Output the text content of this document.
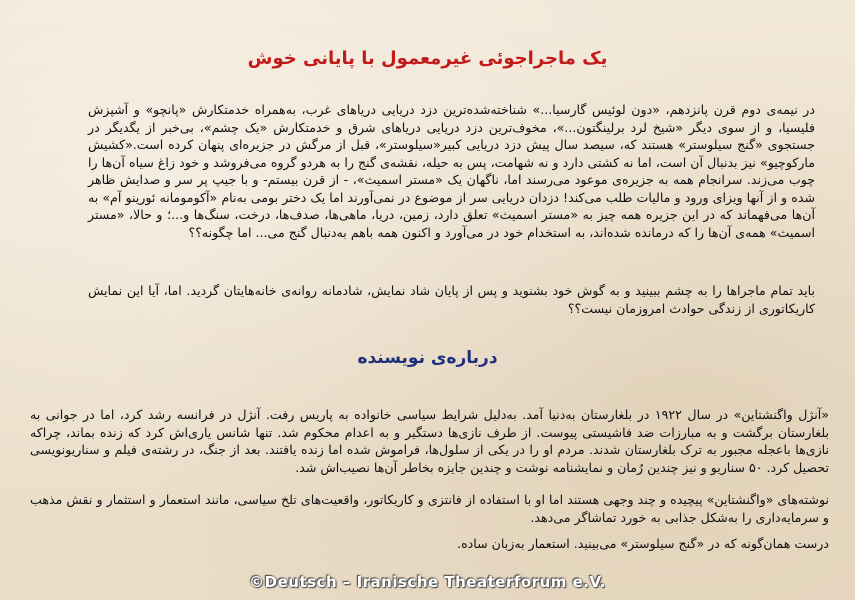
یک ماجراجوئی غیرمعمول با پایانی خوش
در نیمه‌ی دوم قرن پانزدهم، «دون لوئیس گارسیا...» شناخته‌شده‌ترین دزد دریایی دریاهای غرب، به‌همراه خدمتکارش «پانچو» و آشپزش فلیسیا، و از سوی دیگر «شیخ لرد برلینگتون...»، مخوف‌ترین دزد دریایی دریاهای شرق و خدمتکارش «یک چشم»، بی‌خبر از یگدیگر در جستجوی «گنج سیلوستر» هستند که، سیصد سال پیش دزد دریایی کبیر«سیلوستر»، قبل از مرگش در جزیره‌ای پنهان کرده است.«کشیش مارکوچیو» نیز بدنبال آن است، اما نه کشتی دارد و نه شهامت، پس به حیله، نقشه‌ی گنج را به هردو گروه می‌فروشد و خود زاغ سیاه آن‌ها را چوب می‌زند. سرانجام همه به جزیره‌ی موعود می‌رسند اما، ناگهان یک «مستر اسمیث»، - از قرن بیستم- و با جیپ پر سر و صدایش ظاهر شده و از آنها ویزای ورود و مالیات طلب می‌کند! دزدان دریایی سر از موضوع در نمی‌آورند اما یک دختر بومی به‌نام «آکومومانه ئورینو آم» به آن‌ها می‌فهماند که در این جزیره همه چیز به «مستر اسمیث» تعلق دارد، زمین، دریا، ماهی‌ها، صدف‌ها، درخت، سنگ‌ها و...؛ و حالا، «مستر اسمیث» همه‌ی آن‌ها را که درمانده شده‌اند، به استخدام خود در می‌آورد و اکنون همه باهم به‌دنبال گنج می... اما چگونه؟؟
باید تمام ماجراها را به چشم ببینید و به گوش خود بشنوید و پس از پایان شاد نمایش، شادمانه روانه‌ی خانه‌هایتان گردید. اما، آیا این نمایش کاریکاتوری از زندگی حوادث امروزمان نیست؟؟
درباره‌ی نویسنده
«آنژل واگنشتاین» در سال ۱۹۲۲ در بلغارستان به‌دنیا آمد. به‌دلیل شرایط سیاسی خانواده به پاریس رفت. آنژل در فرانسه رشد کرد، اما در جوانی به بلغارستان برگشت و به مبارزات ضد فاشیستی پیوست. از طرف نازی‌ها دستگیر و به اعدام محکوم شد. تنها شانس یاری‌اش کرد که زنده بماند، چرا‌که نازی‌ها باعجله مجبور به ترک بلغارستان شدند. مردم او را در یکی از سلول‌ها، فراموش شده اما زنده یافتند. بعد از جنگ، در رشته‌ی فیلم و سناریونویسی تحصیل کرد. ۵۰ سناریو و نیز چندین رُمان و نمایشنامه نوشت و چندین جایزه بخاطر آن‌ها نصیب‌اش شد.
نوشته‌های «واگنشتاین» پیچیده و چند وجهی هستند اما او با استفاده از فانتزی و کاریکاتور، واقعیت‌های تلخ سیاسی، مانند استعمار و استثمار و نقش مذهب و سرمایه‌داری را به‌شکل جذابی به خورد تماشاگر می‌دهد.
درست همان‌گونه که در «گنج سیلوستر» می‌بینید. استعمار به‌زبان ساده.
©Deutsch – Iranische Theaterforum e.V.
